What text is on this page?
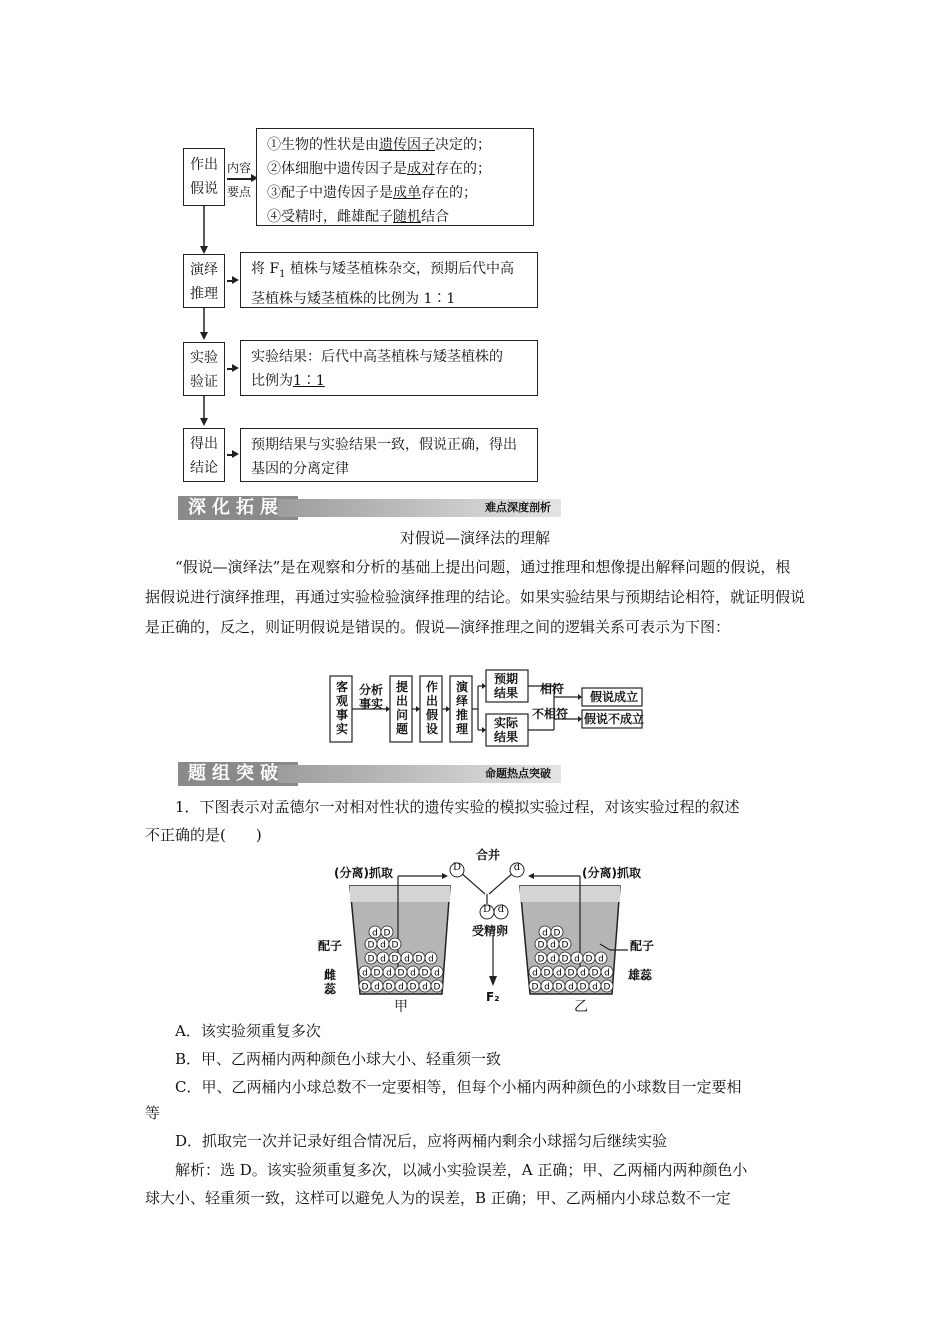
作出
假说
内容
要点
①生物的性状是由遗传因子决定的；
②体细胞中遗传因子是成对存在的；
③配子中遗传因子是成单存在的；
④受精时，雌雄配子随机结合
演绎
推理
将 $F_1$ 植株与矮茎植株杂交，预期后代中高
茎植株与矮茎植株的比例为 1∶1
实验
验证
实验结果：后代中高茎植株与矮茎植株的
比例为1∶1
得出
结论
预期结果与实验结果一致，假说正确，得出
基因的分离定律
深化拓展	难点深度剖析
对假说—演绎法的理解
“假说—演绎法”是在观察和分析的基础上提出问题，通过推理和想像提出解释问题的假说，根据假说进行演绎推理，再通过实验检验演绎推理的结论。如果实验结果与预期结论相符，就证明假说是正确的，反之，则证明假说是错误的。假说—演绎推理之间的逻辑关系可表示为下图：
客观事实
分析事实
提出问题
作出假设
演绎推理
预期结果
实际结果
相符
不相符
假说成立
假说不成立
题组突破	命题热点突破
1．下图表示对孟德尔一对相对性状的遗传实验的模拟实验过程，对该实验过程的叙述
不正确的是(　　)
D d D d D d D
d D d D d D d
D d D d D d
D d D
d D
D d D d D d D
d D d D d D d
D d D d D d
D d D
d D
D	d
D d
(分离)抓取	(分离)抓取
合并
受精卵
F₂
配子	配子
雌蕊
雄蕊
甲	乙
A．该实验须重复多次
B．甲、乙两桶内两种颜色小球大小、轻重须一致
C．甲、乙两桶内小球总数不一定要相等，但每个小桶内两种颜色的小球数目一定要相
等
D．抓取完一次并记录好组合情况后，应将两桶内剩余小球摇匀后继续实验
解析：选 D。该实验须重复多次，以减小实验误差，A 正确；甲、乙两桶内两种颜色小
球大小、轻重须一致，这样可以避免人为的误差，B 正确；甲、乙两桶内小球总数不一定
